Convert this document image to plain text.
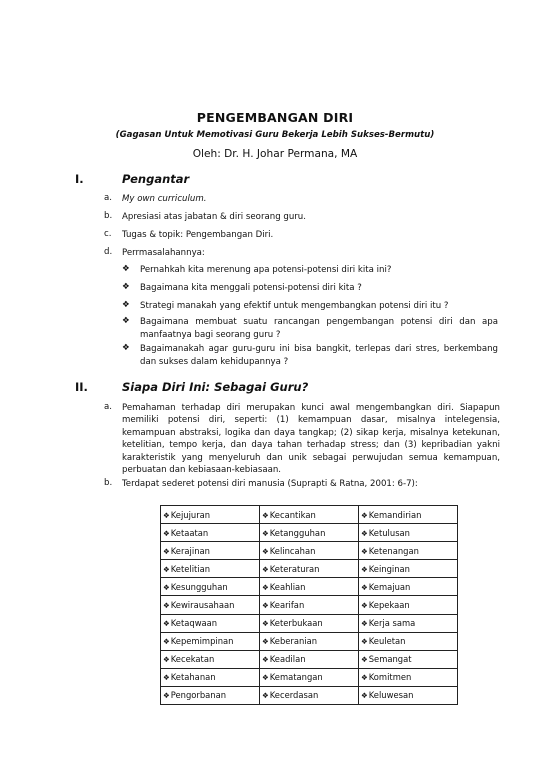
PENGEMBANGAN DIRI
(Gagasan Untuk Memotivasi Guru Bekerja Lebih Sukses-Bermutu)
Oleh: Dr. H. Johar Permana, MA
I.	Pengantar
a. My own curriculum.
b. Apresiasi atas jabatan & diri seorang guru.
c. Tugas & topik: Pengembangan Diri.
d. Perrmasalahannya:
❖ Pernahkah kita merenung apa potensi-potensi diri kita ini?
❖ Bagaimana kita menggali potensi-potensi diri kita ?
❖ Strategi manakah yang efektif untuk mengembangkan potensi diri itu ?
❖ Bagaimana membuat suatu rancangan pengembangan potensi diri dan apa manfaatnya bagi seorang guru ?
❖ Bagaimanakah agar guru-guru ini bisa bangkit, terlepas dari stres, berkembang dan sukses dalam kehidupannya ?
II.	Siapa Diri Ini: Sebagai Guru?
a. Pemahaman terhadap diri merupakan kunci awal mengembangkan diri. Siapapun memiliki potensi diri, seperti: (1) kemampuan dasar, misalnya intelegensia, kemampuan abstraksi, logika dan daya tangkap; (2) sikap kerja, misalnya ketekunan, ketelitian, tempo kerja, dan daya tahan terhadap stress; dan (3) kepribadian yakni karakteristik yang menyeluruh dan unik sebagai perwujudan semua kemampuan, perbuatan dan kebiasaan-kebiasaan.
b. Terdapat sederet potensi diri manusia (Suprapti & Ratna, 2001: 6-7):
❖Kejujuran	❖Kecantikan	❖Kemandirian
❖Ketaatan	❖Ketangguhan	❖Ketulusan
❖Kerajinan	❖Kelincahan	❖Ketenangan
❖Ketelitian	❖Keteraturan	❖Keinginan
❖Kesungguhan	❖Keahlian	❖Kemajuan
❖Kewirausahaan	❖Kearifan	❖Kepekaan
❖Ketaqwaan	❖Keterbukaan	❖Kerja sama
❖Kepemimpinan	❖Keberanian	❖Keuletan
❖Kecekatan	❖Keadilan	❖Semangat
❖Ketahanan	❖Kematangan	❖Komitmen
❖Pengorbanan	❖Kecerdasan	❖Keluwesan
